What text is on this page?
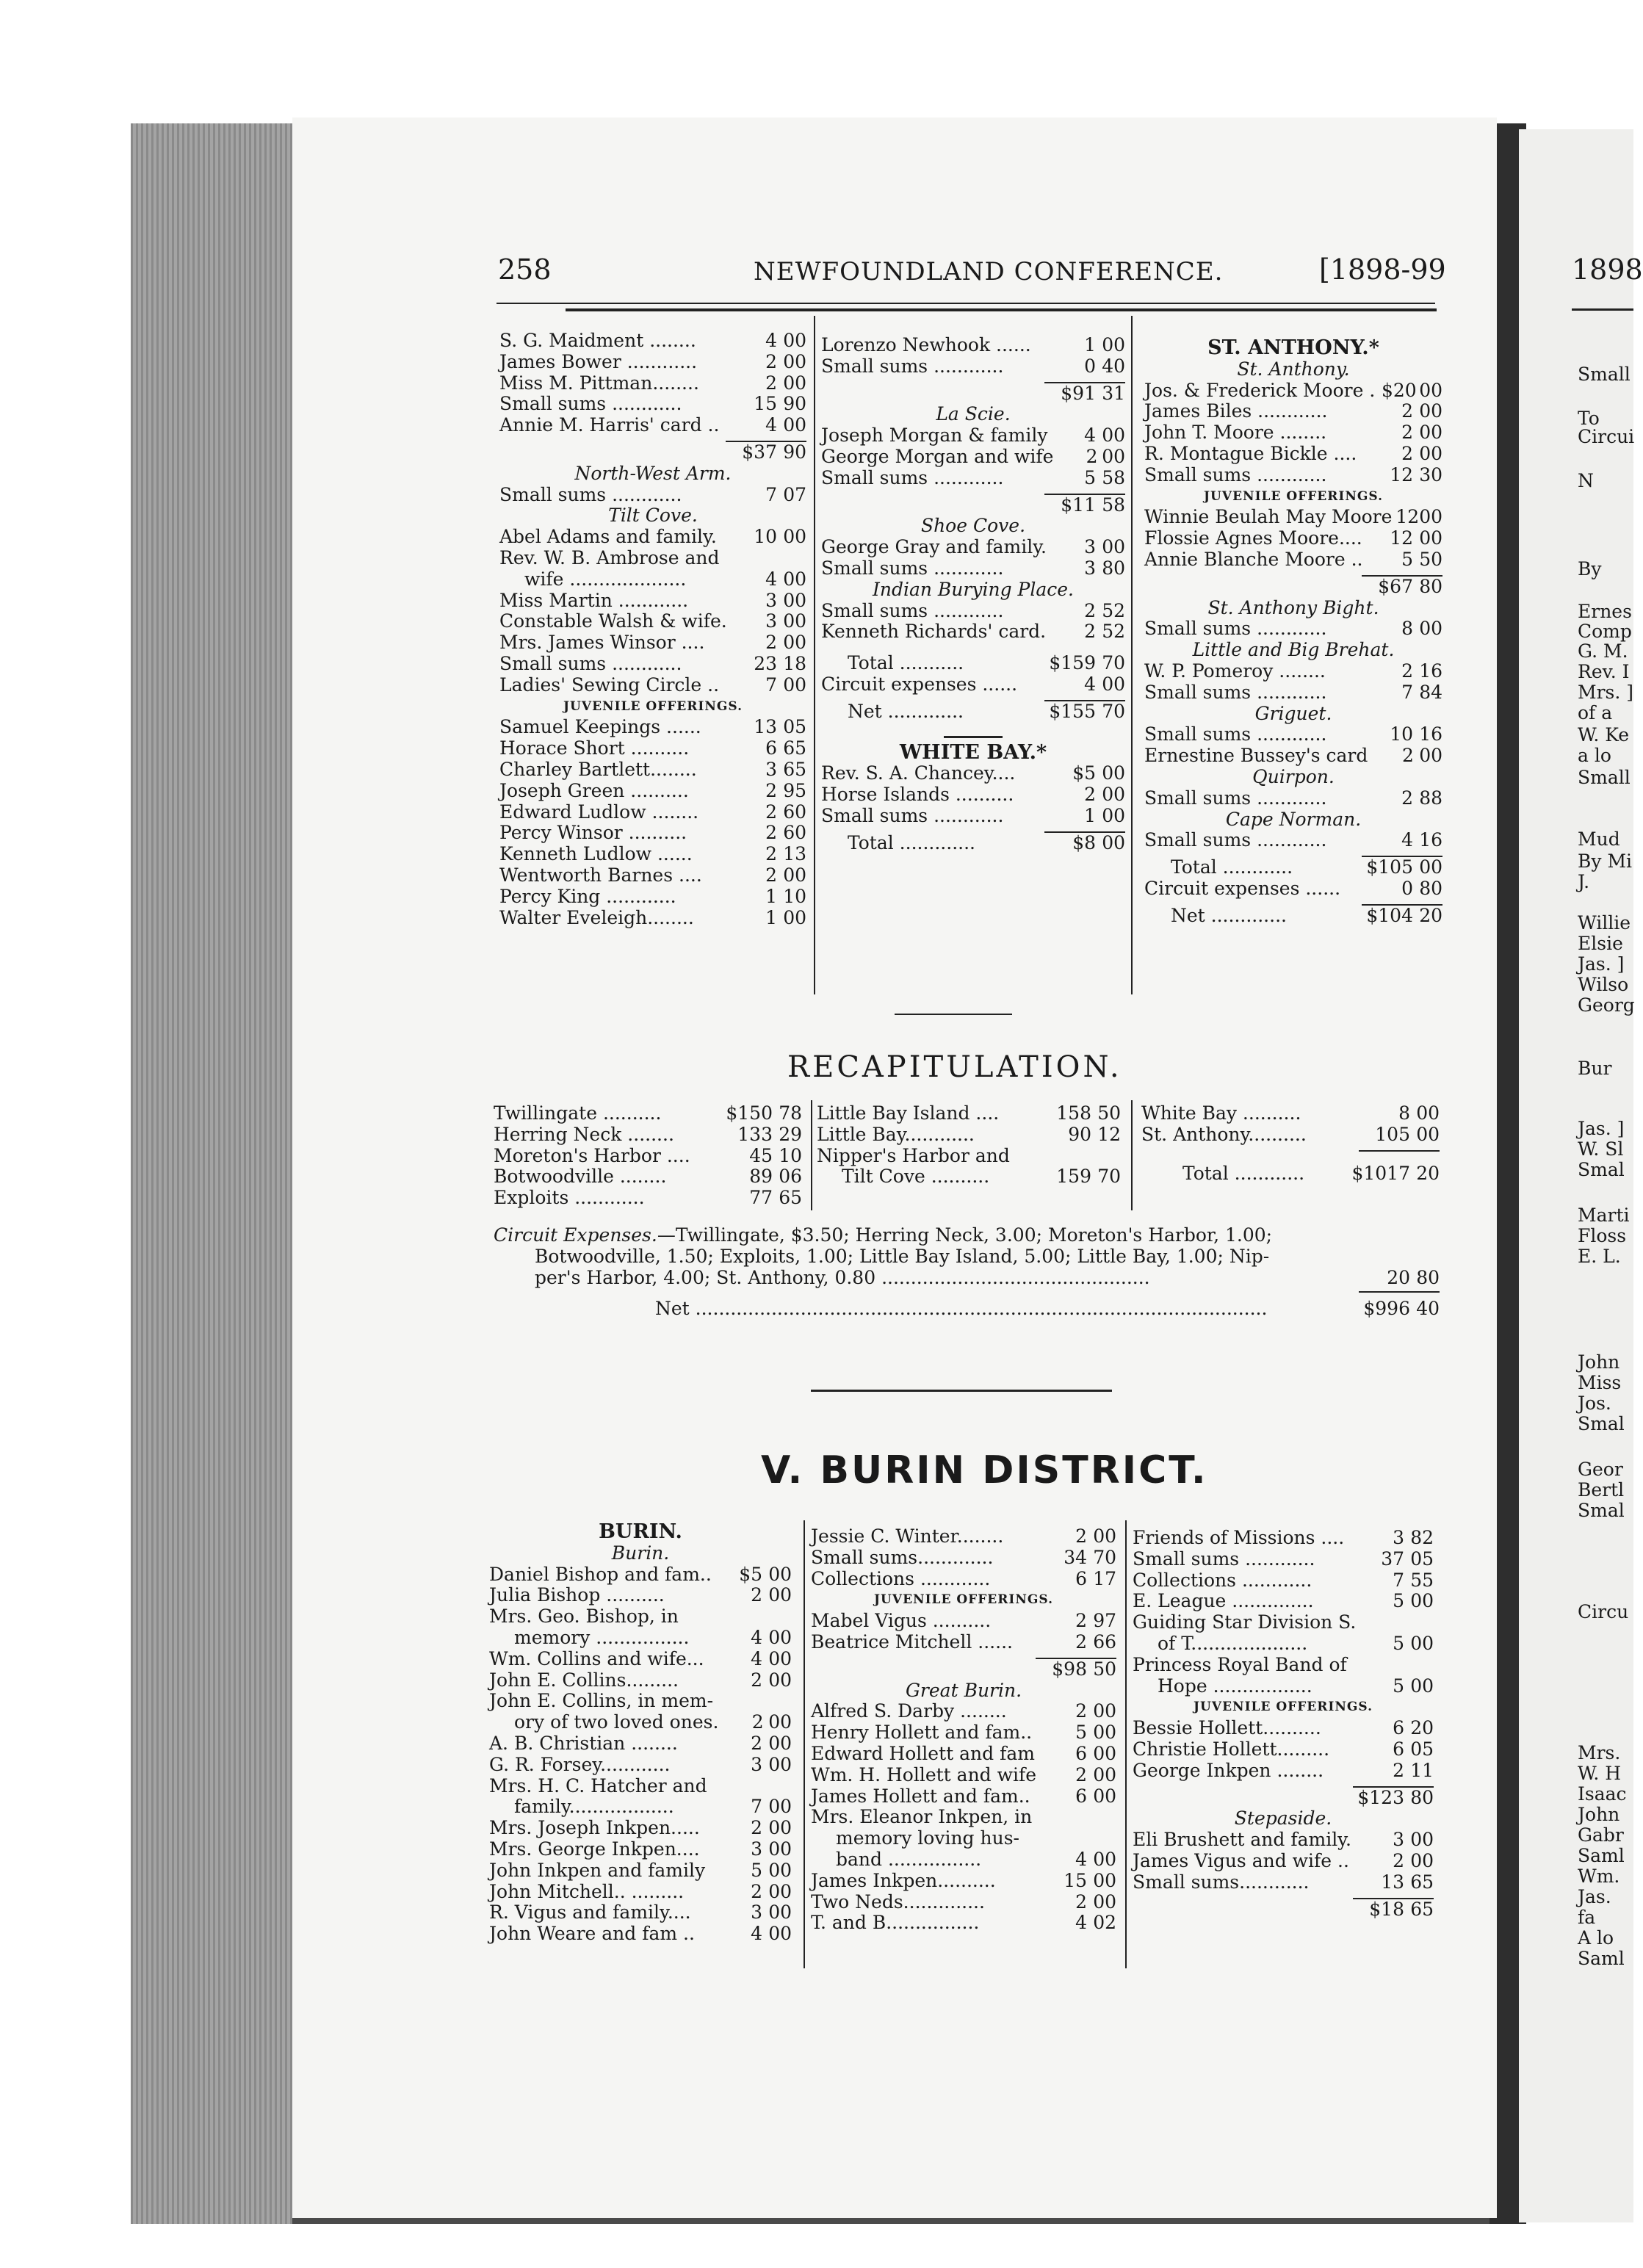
1898
Small
To
Circui
N
By
Ernes
Comp
G. M.
Rev. I
Mrs. ]
of a
W. Ke
a lo
Small
Mud
By Mi
J.
Willie
Elsie
Jas. ]
Wilso
Georg
Bur
Jas. ]
W. Sl
Smal
Marti
Floss
E. L.
John
Miss
Jos.
Smal
Geor
Bertl
Smal
Circu
Mrs.
W. H
Isaac
John
Gabr
Saml
Wm.
Jas.
fa
A lo
Saml
258	NEWFOUNDLAND CONFERENCE.	[1898-99
S. G. Maidment ........	4 00
James Bower ............	2 00
Miss M. Pittman........	2 00
Small sums ............	15 90
Annie M. Harris' card ..	4 00
$37 90
North-West Arm.
Small sums ............	7 07
Tilt Cove.
Abel Adams and family.	10 00
Rev. W. B. Ambrose and
wife ....................	4 00
Miss Martin ............	3 00
Constable Walsh & wife.	3 00
Mrs. James Winsor ....	2 00
Small sums ............	23 18
Ladies' Sewing Circle ..	7 00
JUVENILE OFFERINGS.
Samuel Keepings ......	13 05
Horace Short ..........	6 65
Charley Bartlett........	3 65
Joseph Green ..........	2 95
Edward Ludlow ........	2 60
Percy Winsor ..........	2 60
Kenneth Ludlow ......	2 13
Wentworth Barnes ....	2 00
Percy King ............	1 10
Walter Eveleigh........	1 00
Lorenzo Newhook ......	1 00
Small sums ............	0 40
$91 31
La Scie.
Joseph Morgan & family	4 00
George Morgan and wife	2 00
Small sums ............	5 58
$11 58
Shoe Cove.
George Gray and family.	3 00
Small sums ............	3 80
Indian Burying Place.
Small sums ............	2 52
Kenneth Richards' card.	2 52
Total ...........	$159 70
Circuit expenses ......	4 00
Net .............	$155 70
WHITE BAY.*
Rev. S. A. Chancey....	$5 00
Horse Islands ..........	2 00
Small sums ............	1 00
Total .............	$8 00
ST. ANTHONY.*
St. Anthony.
Jos. & Frederick Moore . $20 00
James Biles ............	2 00
John T. Moore ........	2 00
R. Montague Bickle ....	2 00
Small sums ............	12 30
JUVENILE OFFERINGS.
Winnie Beulah May Moore 12 00
Flossie Agnes Moore....	12 00
Annie Blanche Moore ..	5 50
$67 80
St. Anthony Bight.
Small sums ............	8 00
Little and Big Brehat.
W. P. Pomeroy ........	2 16
Small sums ............	7 84
Griguet.
Small sums ............	10 16
Ernestine Bussey's card	2 00
Quirpon.
Small sums ............	2 88
Cape Norman.
Small sums ............	4 16
Total ............	$105 00
Circuit expenses ......	0 80
Net .............	$104 20
RECAPITULATION.
Twillingate ..........	$150 78
Herring Neck ........	133 29
Moreton's Harbor ....	45 10
Botwoodville ........	89 06
Exploits ............	77 65
Little Bay Island ....	158 50
Little Bay............	90 12
Nipper's Harbor and
Tilt Cove ..........	159 70
White Bay ..........	8 00
St. Anthony..........	105 00
Total ............	$1017 20
Circuit Expenses. —Twillingate, $3.50; Herring Neck, 3.00; Moreton's Harbor, 1.00;
Botwoodville, 1.50; Exploits, 1.00; Little Bay Island, 5.00; Little Bay, 1.00; Nip-
per's Harbor, 4.00; St. Anthony, 0.80 ..............................................	20 80
Net ..................................................................................................	$996 40
V. BURIN DISTRICT.
BURIN.
Burin.
Daniel Bishop and fam..	$5 00
Julia Bishop ..........	2 00
Mrs. Geo. Bishop, in
memory ................	4 00
Wm. Collins and wife...	4 00
John E. Collins.........	2 00
John E. Collins, in mem-
ory of two loved ones.	2 00
A. B. Christian ........	2 00
G. R. Forsey............	3 00
Mrs. H. C. Hatcher and
family..................	7 00
Mrs. Joseph Inkpen.....	2 00
Mrs. George Inkpen....	3 00
John Inkpen and family	5 00
John Mitchell.. .........	2 00
R. Vigus and family....	3 00
John Weare and fam ..	4 00
Jessie C. Winter........	2 00
Small sums.............	34 70
Collections ............	6 17
JUVENILE OFFERINGS.
Mabel Vigus ..........	2 97
Beatrice Mitchell ......	2 66
$98 50
Great Burin.
Alfred S. Darby ........	2 00
Henry Hollett and fam..	5 00
Edward Hollett and fam	6 00
Wm. H. Hollett and wife	2 00
James Hollett and fam..	6 00
Mrs. Eleanor Inkpen, in
memory loving hus-
band ................	4 00
James Inkpen..........	15 00
Two Neds..............	2 00
T. and B................	4 02
Friends of Missions ....	3 82
Small sums ............	37 05
Collections ............	7 55
E. League ..............	5 00
Guiding Star Division S.
of T....................	5 00
Princess Royal Band of
Hope .................	5 00
JUVENILE OFFERINGS.
Bessie Hollett..........	6 20
Christie Hollett.........	6 05
George Inkpen ........	2 11
$123 80
Stepaside.
Eli Brushett and family.	3 00
James Vigus and wife ..	2 00
Small sums............	13 65
$18 65
